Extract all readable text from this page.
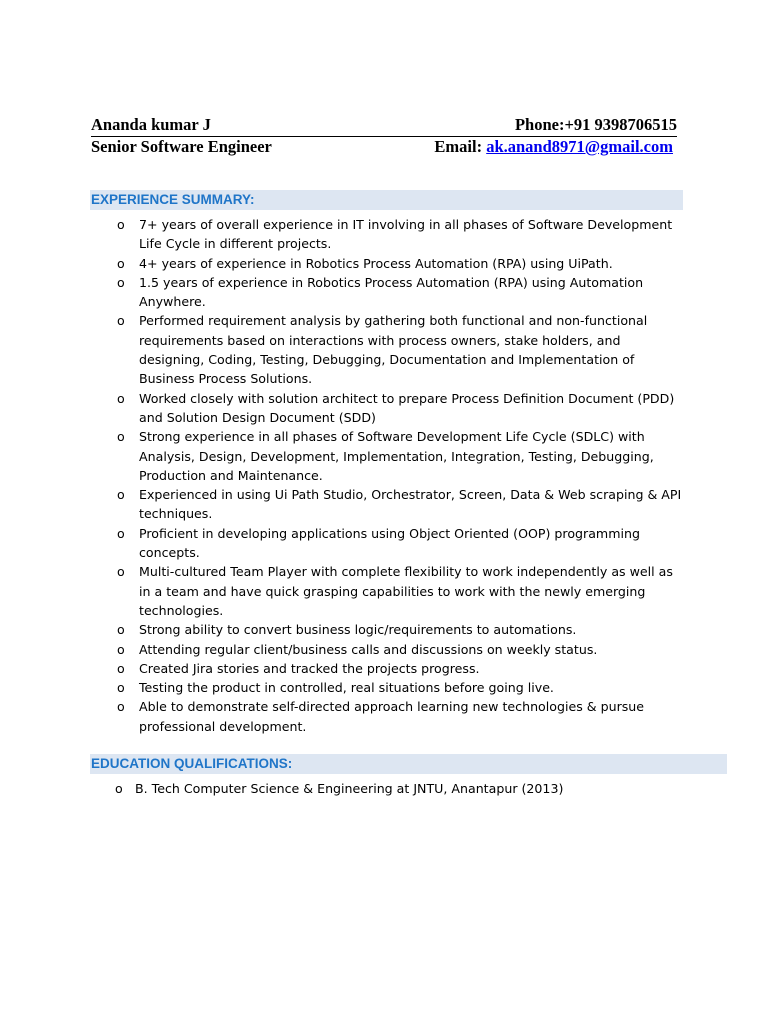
Ananda kumar J	Phone:+91 9398706515
Senior Software Engineer	Email: ak.anand8971@gmail.com
EXPERIENCE SUMMARY:
o 7+ years of overall experience in IT involving in all phases of Software Development Life Cycle in different projects.
o 4+ years of experience in Robotics Process Automation (RPA) using UiPath.
o 1.5 years of experience in Robotics Process Automation (RPA) using Automation Anywhere.
o Performed requirement analysis by gathering both functional and non-functional requirements based on interactions with process owners, stake holders, and designing, Coding, Testing, Debugging, Documentation and Implementation of Business Process Solutions.
o Worked closely with solution architect to prepare Process Definition Document (PDD) and Solution Design Document (SDD)
o Strong experience in all phases of Software Development Life Cycle (SDLC) with Analysis, Design, Development, Implementation, Integration, Testing, Debugging, Production and Maintenance.
o Experienced in using Ui Path Studio, Orchestrator, Screen, Data & Web scraping & API techniques.
o Proficient in developing applications using Object Oriented (OOP) programming concepts.
o Multi-cultured Team Player with complete flexibility to work independently as well as in a team and have quick grasping capabilities to work with the newly emerging technologies.
o Strong ability to convert business logic/requirements to automations.
o Attending regular client/business calls and discussions on weekly status.
o Created Jira stories and tracked the projects progress.
o Testing the product in controlled, real situations before going live.
o Able to demonstrate self-directed approach learning new technologies & pursue professional development.
EDUCATION QUALIFICATIONS:
o B. Tech Computer Science & Engineering at JNTU, Anantapur (2013)
